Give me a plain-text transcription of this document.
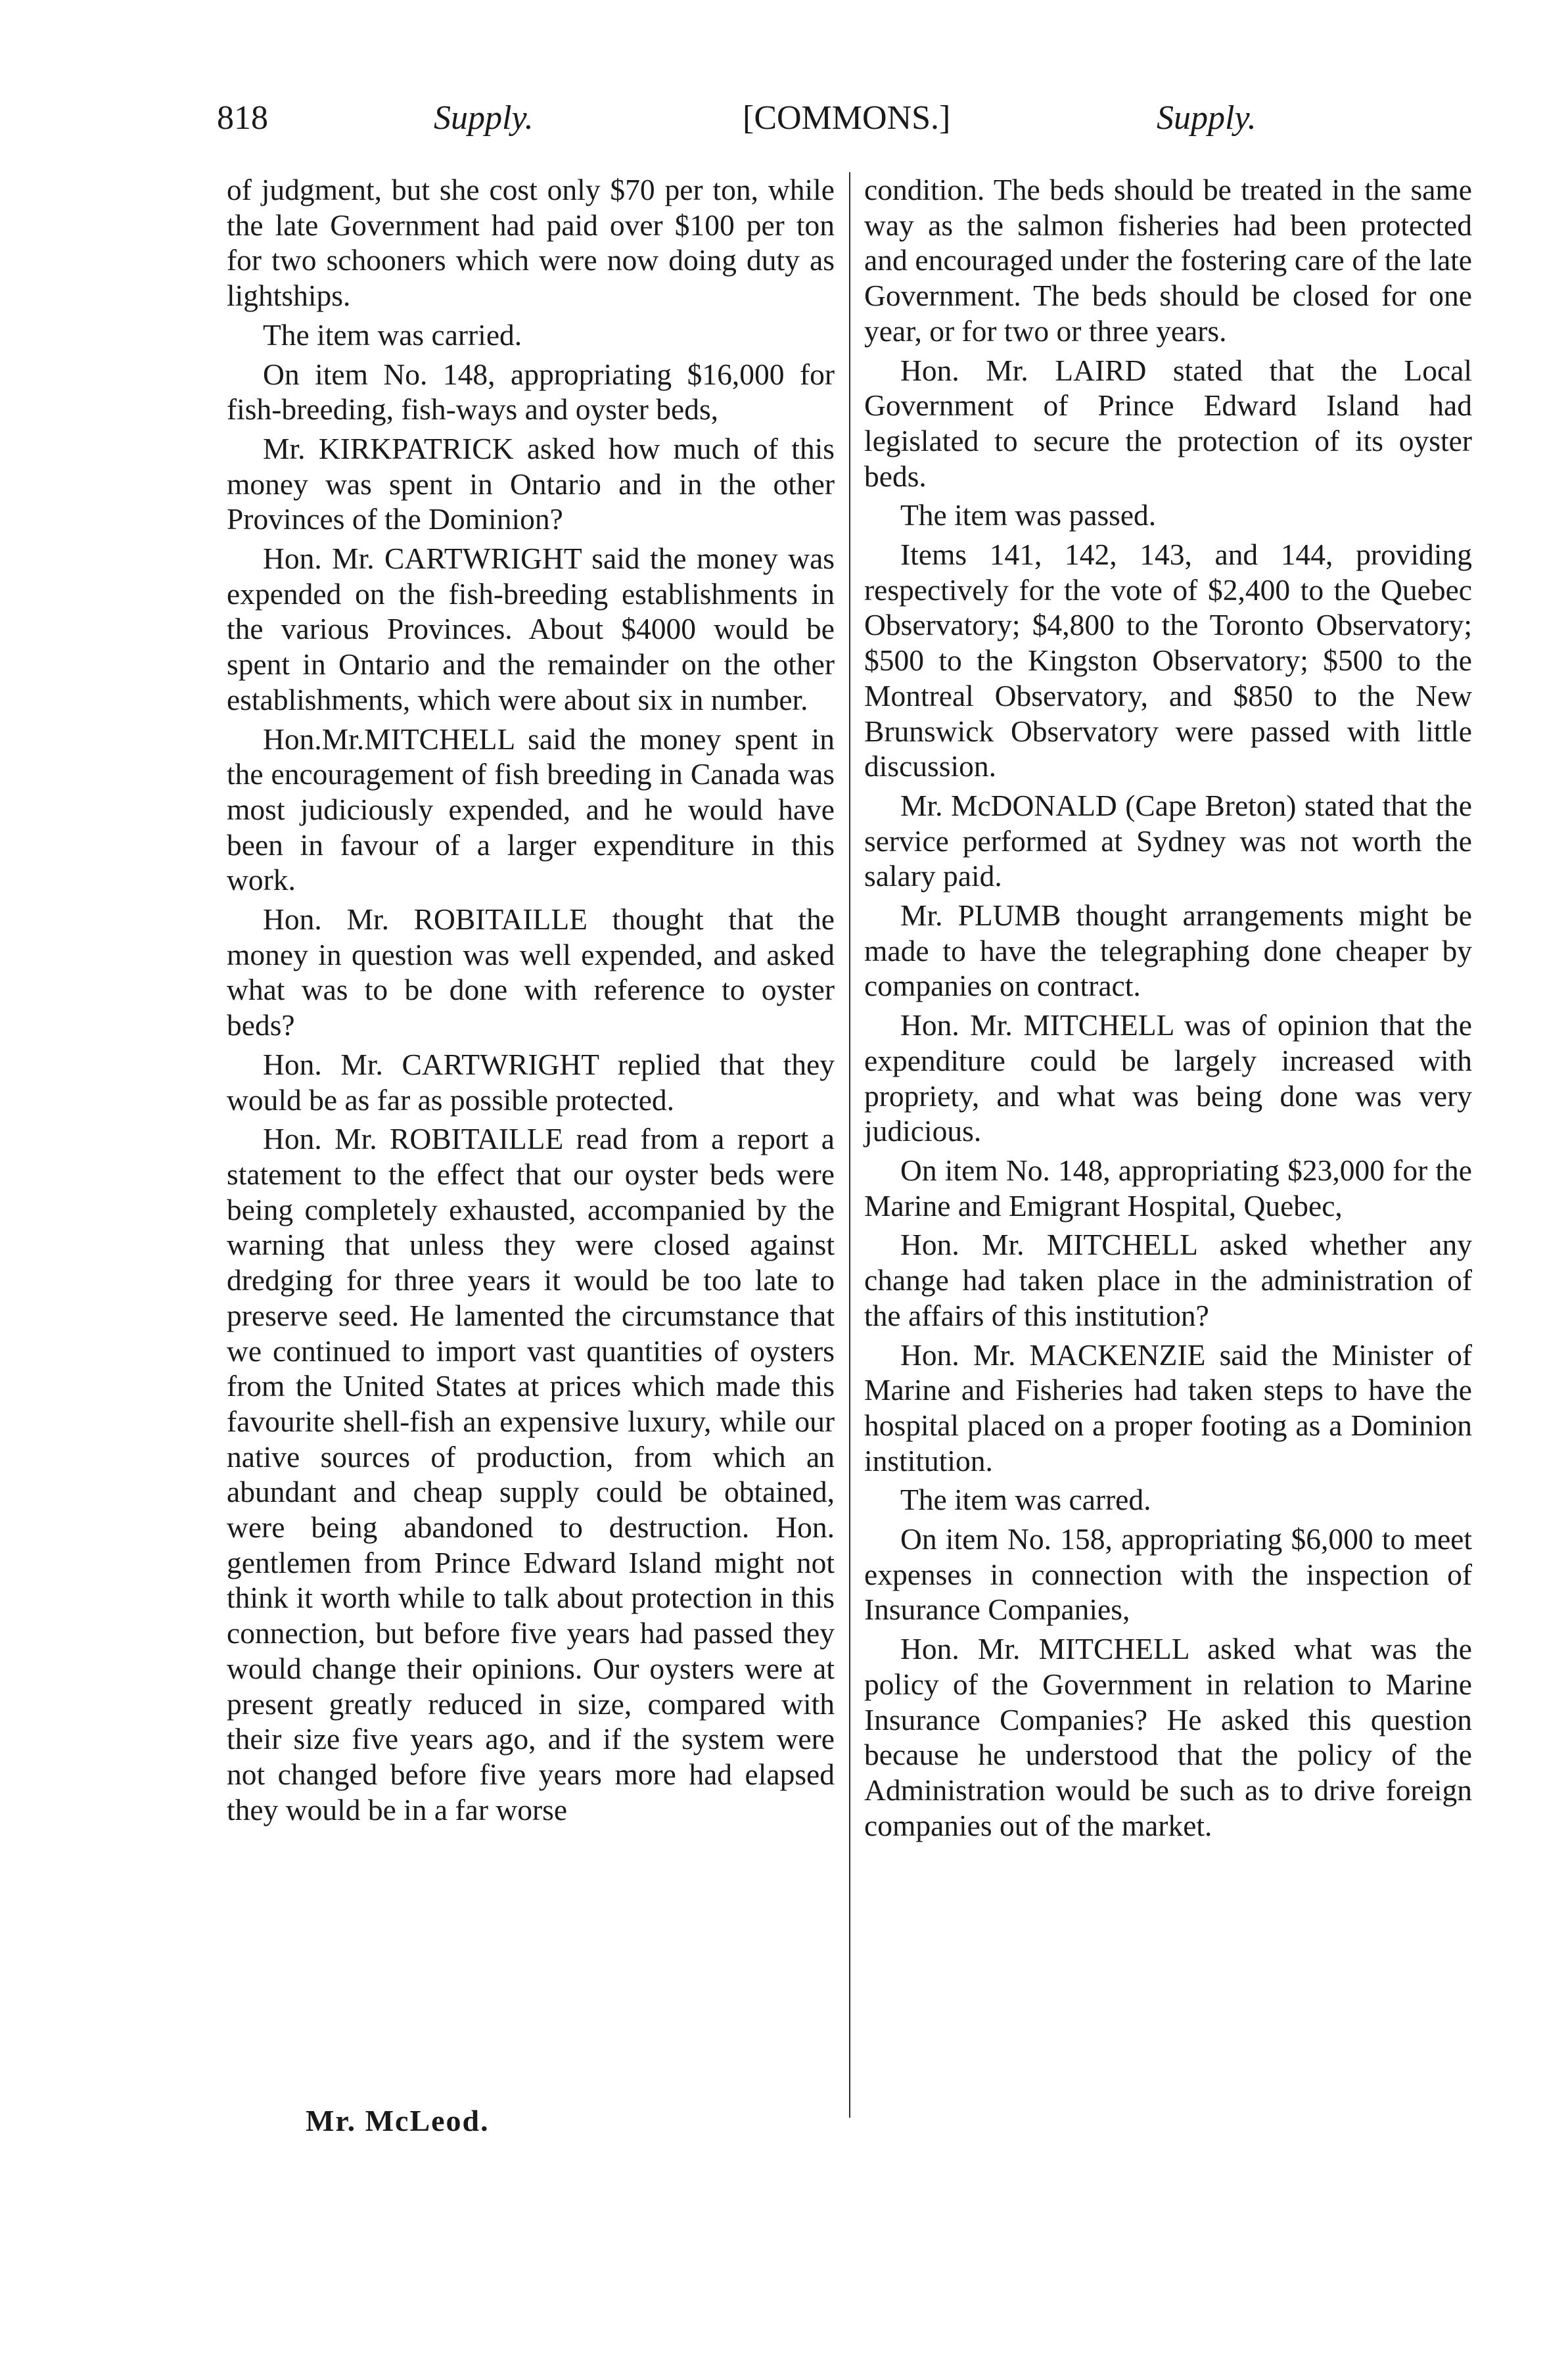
818	Supply.	[COMMONS.]	Supply.

of judgment, but she cost only $70 per ton, while the late Government had paid over $100 per ton for two schooners which were now doing duty as lightships.

The item was carried.

On item No. 148, appropriating $16,000 for fish-breeding, fish-ways and oyster beds,

Mr. KIRKPATRICK asked how much of this money was spent in Ontario and in the other Provinces of the Dominion?

Hon. Mr. CARTWRIGHT said the money was expended on the fish-breeding establishments in the various Provinces. About $4000 would be spent in Ontario and the remainder on the other establishments, which were about six in number.

Hon.Mr.MITCHELL said the money spent in the encouragement of fish breeding in Canada was most judiciously expended, and he would have been in favour of a larger expenditure in this work.

Hon. Mr. ROBITAILLE thought that the money in question was well expended, and asked what was to be done with reference to oyster beds?

Hon. Mr. CARTWRIGHT replied that they would be as far as possible protected.

Hon. Mr. ROBITAILLE read from a report a statement to the effect that our oyster beds were being completely exhausted, accompanied by the warning that unless they were closed against dredging for three years it would be too late to preserve seed. He lamented the circumstance that we continued to import vast quantities of oysters from the United States at prices which made this favourite shell-fish an expensive luxury, while our native sources of production, from which an abundant and cheap supply could be obtained, were being abandoned to destruction. Hon. gentlemen from Prince Edward Island might not think it worth while to talk about protection in this connection, but before five years had passed they would change their opinions. Our oysters were at present greatly reduced in size, compared with their size five years ago, and if the system were not changed before five years more had elapsed they would be in a far worse

condition. The beds should be treated in the same way as the salmon fisheries had been protected and encouraged under the fostering care of the late Government. The beds should be closed for one year, or for two or three years.

Hon. Mr. LAIRD stated that the Local Government of Prince Edward Island had legislated to secure the protection of its oyster beds.

The item was passed.

Items 141, 142, 143, and 144, providing respectively for the vote of $2,400 to the Quebec Observatory; $4,800 to the Toronto Observatory; $500 to the Kingston Observatory; $500 to the Montreal Observatory, and $850 to the New Brunswick Observatory were passed with little discussion.

Mr. McDONALD (Cape Breton) stated that the service performed at Sydney was not worth the salary paid.

Mr. PLUMB thought arrangements might be made to have the telegraphing done cheaper by companies on contract.

Hon. Mr. MITCHELL was of opinion that the expenditure could be largely increased with propriety, and what was being done was very judicious.

On item No. 148, appropriating $23,000 for the Marine and Emigrant Hospital, Quebec,

Hon. Mr. MITCHELL asked whether any change had taken place in the administration of the affairs of this institution?

Hon. Mr. MACKENZIE said the Minister of Marine and Fisheries had taken steps to have the hospital placed on a proper footing as a Dominion institution.

The item was carred.

On item No. 158, appropriating $6,000 to meet expenses in connection with the inspection of Insurance Companies,

Hon. Mr. MITCHELL asked what was the policy of the Government in relation to Marine Insurance Companies? He asked this question because he understood that the policy of the Administration would be such as to drive foreign companies out of the market.

Mr. McLeod.
